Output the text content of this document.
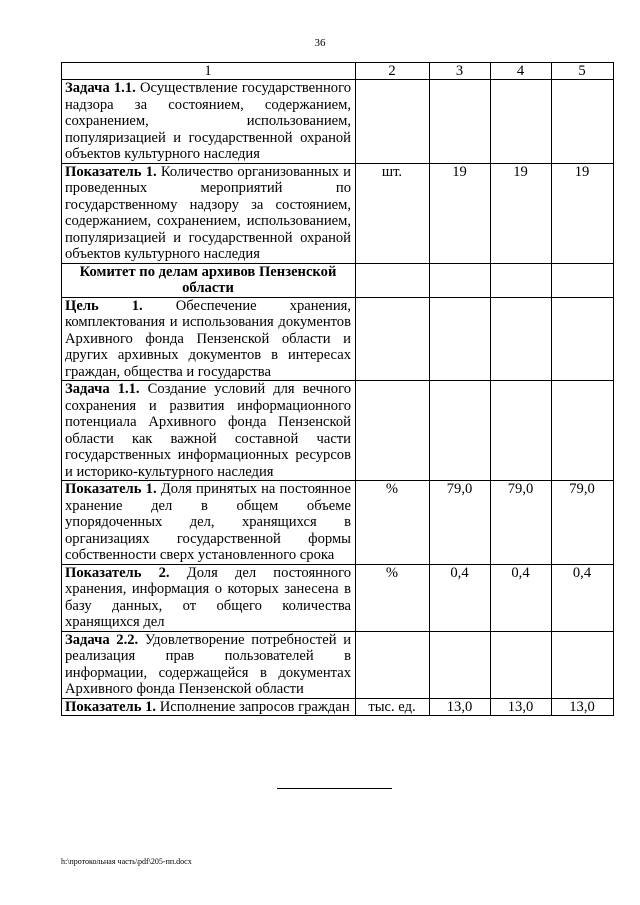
36
1	2	3	4	5
Задача 1.1. Осуществление государственного надзора за состоянием, содержанием, сохранением, использованием, популяризацией и государственной охраной объектов культурного наследия				
Показатель 1. Количество организованных и проведенных мероприятий по государственному надзору за состоянием, содержанием, сохранением, использованием, популяризацией и государственной охраной объектов культурного наследия	шт.	19	19	19
Комитет по делам архивов Пензенской области				
Цель 1. Обеспечение хранения, комплектования и использования документов Архивного фонда Пензенской области и других архивных документов в интересах граждан, общества и государства				
Задача 1.1. Создание условий для вечного сохранения и развития информационного потенциала Архивного фонда Пензенской области как важной составной части государственных информационных ресурсов и историко-культурного наследия				
Показатель 1. Доля принятых на постоянное хранение дел в общем объеме упорядоченных дел, хранящихся в организациях государственной формы собственности сверх установленного срока	%	79,0	79,0	79,0
Показатель 2. Доля дел постоянного хранения, информация о которых занесена в базу данных, от общего количества хранящихся дел	%	0,4	0,4	0,4
Задача 2.2. Удовлетворение потребностей и реализация прав пользователей в информации, содержащейся в документах Архивного фонда Пензенской области				
Показатель 1. Исполнение запросов граждан	тыс. ед.	13,0	13,0	13,0
h:\протокольная часть\pdf\205-пп.docx
